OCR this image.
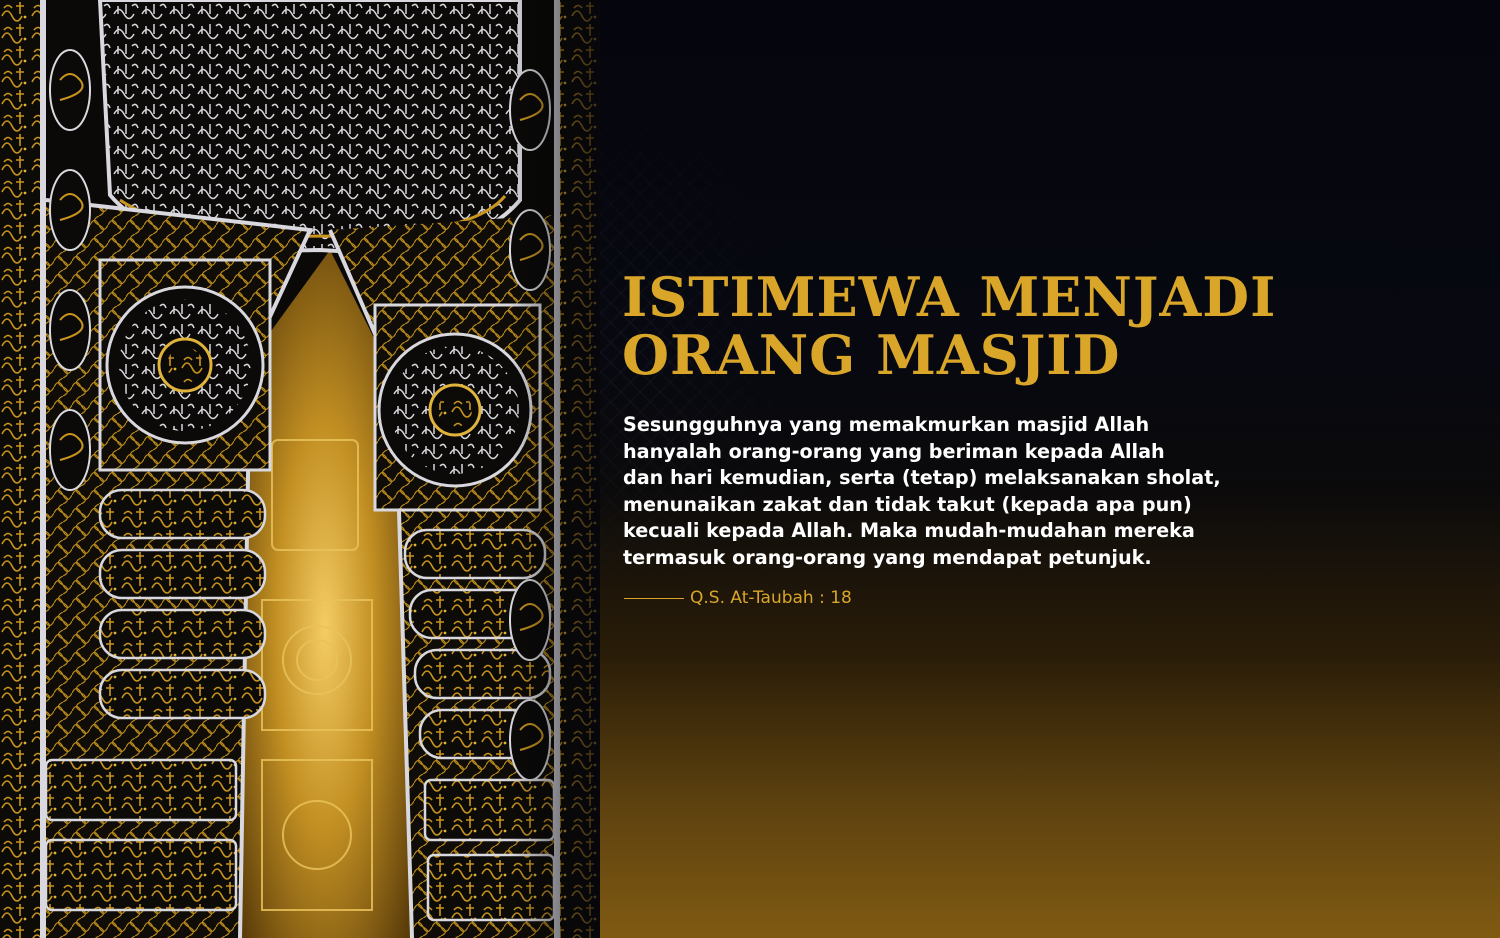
ISTIMEWA MENJADI
ORANG MASJID

Sesungguhnya yang memakmurkan masjid Allah
hanyalah orang-orang yang beriman kepada Allah
dan hari kemudian, serta (tetap) melaksanakan sholat,
menunaikan zakat dan tidak takut (kepada apa pun)
kecuali kepada Allah. Maka mudah-mudahan mereka
termasuk orang-orang yang mendapat petunjuk.

Q.S. At-Taubah : 18
